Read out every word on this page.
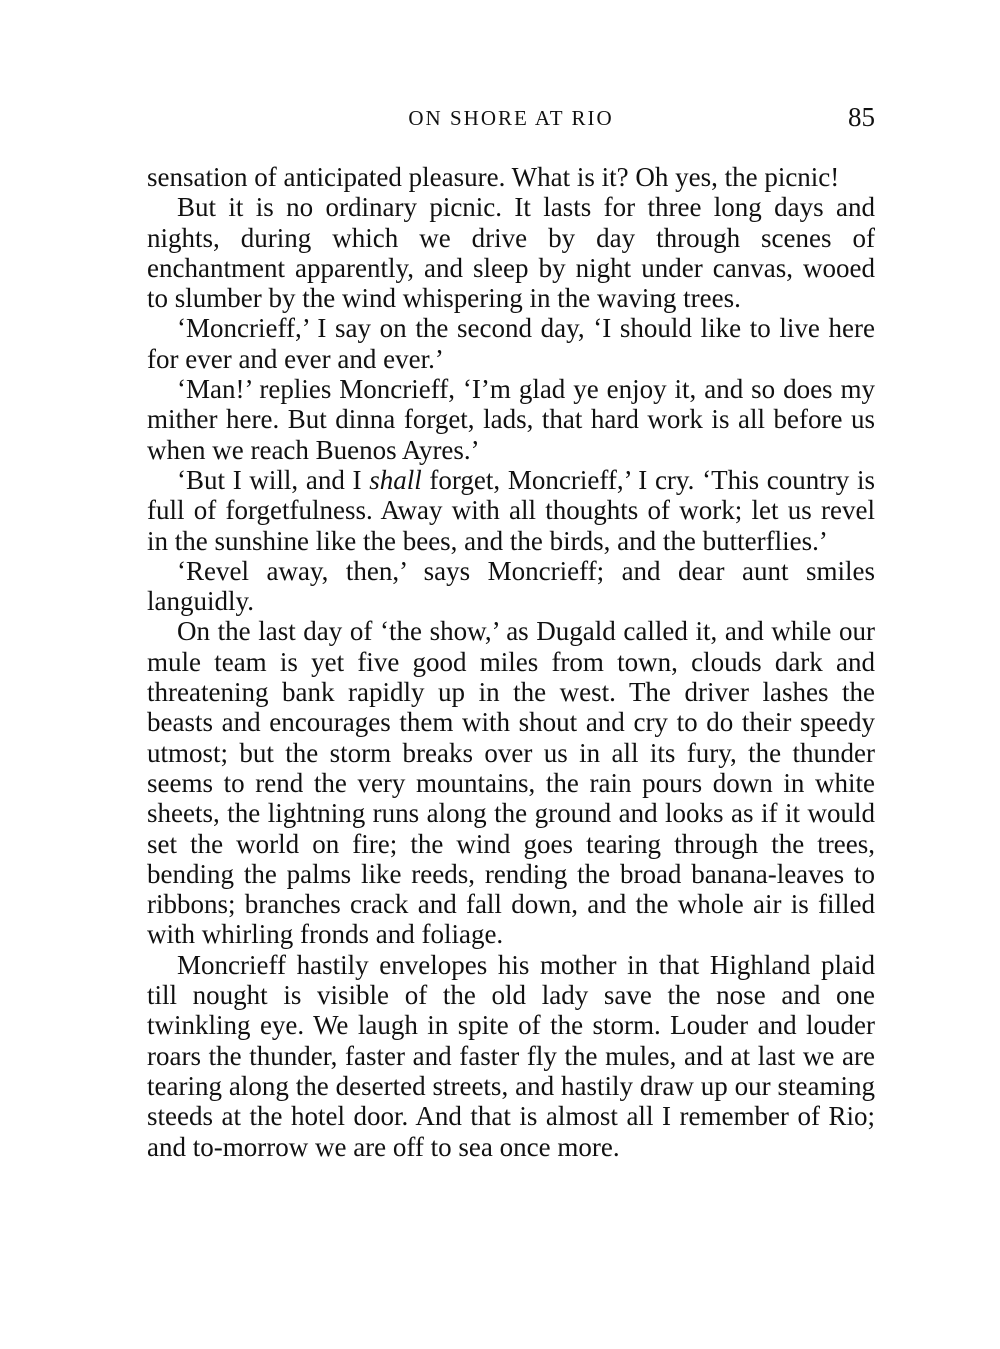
ON SHORE AT RIO	85

sensation of anticipated pleasure. What is it? Oh yes, the picnic!

But it is no ordinary picnic. It lasts for three long days and nights, during which we drive by day through scenes of enchantment apparently, and sleep by night under canvas, wooed to slumber by the wind whispering in the waving trees.

‘Moncrieff,’ I say on the second day, ‘I should like to live here for ever and ever and ever.’

‘Man!’ replies Moncrieff, ‘I’m glad ye enjoy it, and so does my mither here. But dinna forget, lads, that hard work is all before us when we reach Buenos Ayres.’

‘But I will, and I shall forget, Moncrieff,’ I cry. ‘This country is full of forgetfulness. Away with all thoughts of work; let us revel in the sunshine like the bees, and the birds, and the butterflies.’

‘Revel away, then,’ says Moncrieff; and dear aunt smiles languidly.

On the last day of ‘the show,’ as Dugald called it, and while our mule team is yet five good miles from town, clouds dark and threatening bank rapidly up in the west. The driver lashes the beasts and encourages them with shout and cry to do their speedy utmost; but the storm breaks over us in all its fury, the thunder seems to rend the very mountains, the rain pours down in white sheets, the lightning runs along the ground and looks as if it would set the world on fire; the wind goes tearing through the trees, bending the palms like reeds, rending the broad banana-leaves to ribbons; branches crack and fall down, and the whole air is filled with whirling fronds and foliage.

Moncrieff hastily envelopes his mother in that Highland plaid till nought is visible of the old lady save the nose and one twinkling eye. We laugh in spite of the storm. Louder and louder roars the thunder, faster and faster fly the mules, and at last we are tearing along the deserted streets, and hastily draw up our steaming steeds at the hotel door. And that is almost all I remember of Rio; and to-morrow we are off to sea once more.
